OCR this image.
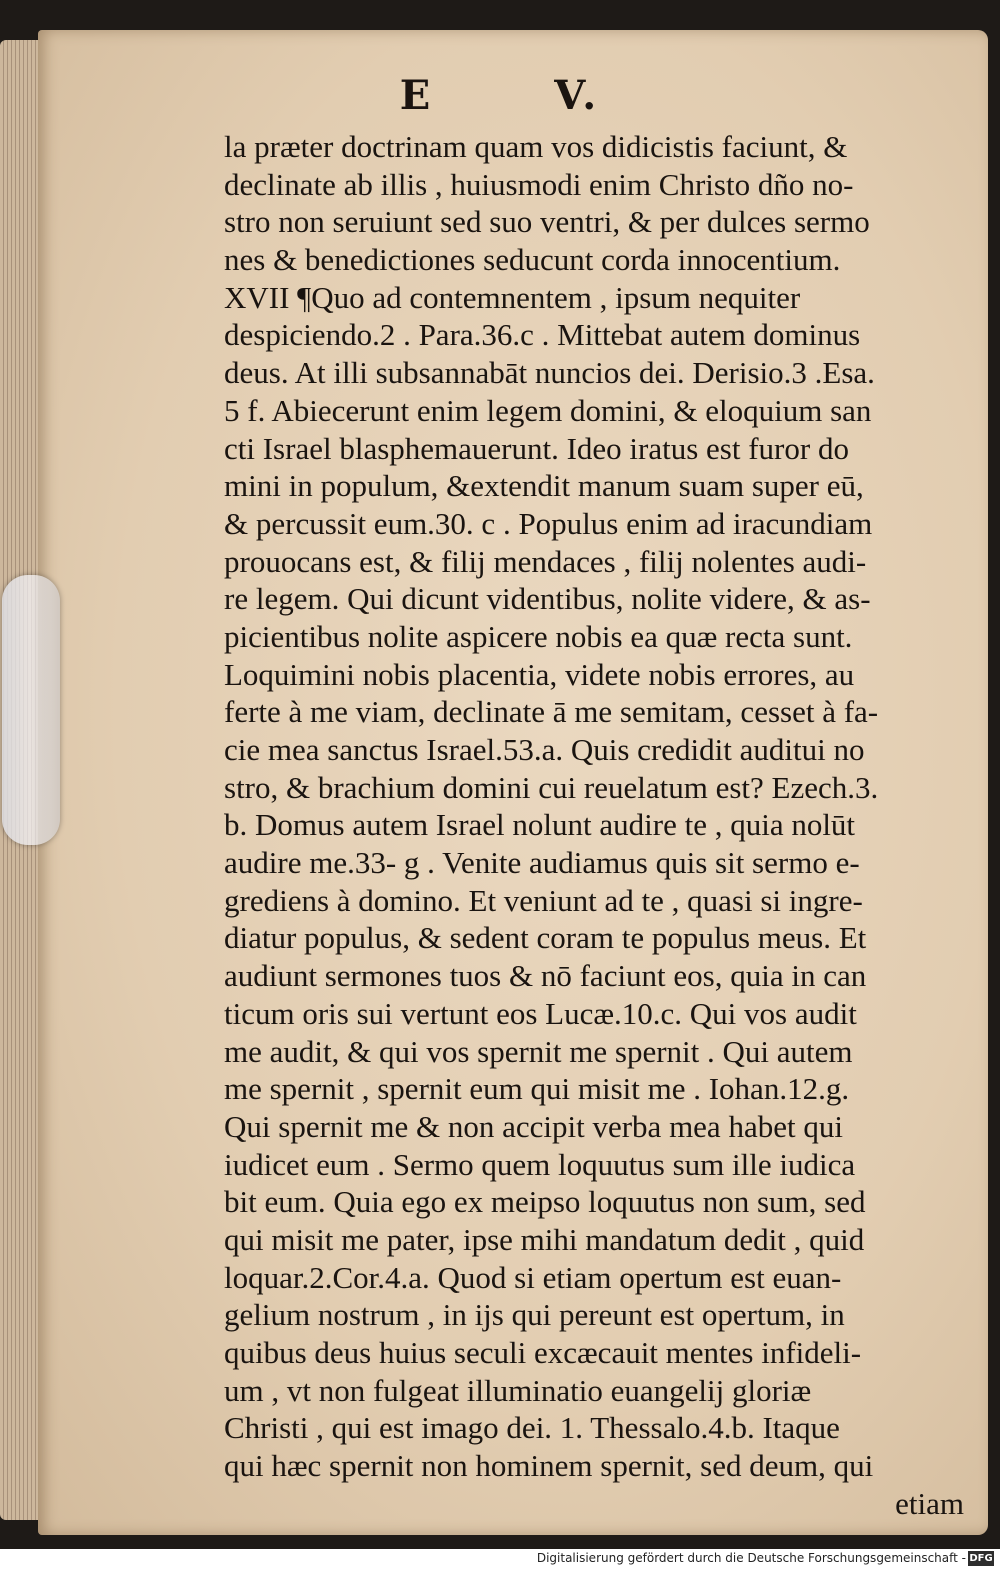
E	V.
la præter doctrinam quam vos didicistis faciunt, &
declinate ab illis , huiusmodi enim Christo dño no-
stro non seruiunt sed suo ventri, & per dulces sermo
nes & benedictiones seducunt corda innocentium.
XVII ¶Quo ad contemnentem , ipsum nequiter
despiciendo.2 . Para.36.c . Mittebat autem dominus
deus. At illi subsannabāt nuncios dei. Derisio.3 .Esa.
5 f. Abiecerunt enim legem domini, & eloquium san
cti Israel blasphemauerunt. Ideo iratus est furor do
mini in populum, &extendit manum suam super eū,
& percussit eum.30. c . Populus enim ad iracundiam
prouocans est, & filij mendaces , filij nolentes audi-
re legem. Qui dicunt videntibus, nolite videre, & as-
picientibus nolite aspicere nobis ea quæ recta sunt.
Loquimini nobis placentia, videte nobis errores, au
ferte à me viam, declinate ā me semitam, cesset à fa-
cie mea sanctus Israel.53.a. Quis credidit auditui no
stro, & brachium domini cui reuelatum est? Ezech.3.
b. Domus autem Israel nolunt audire te , quia nolūt
audire me.33- g . Venite audiamus quis sit sermo e-
grediens à domino. Et veniunt ad te , quasi si ingre-
diatur populus, & sedent coram te populus meus. Et
audiunt sermones tuos & nō faciunt eos, quia in can
ticum oris sui vertunt eos Lucæ.10.c. Qui vos audit
me audit, & qui vos spernit me spernit . Qui autem
me spernit , spernit eum qui misit me . Iohan.12.g.
Qui spernit me & non accipit verba mea habet qui
iudicet eum . Sermo quem loquutus sum ille iudica
bit eum. Quia ego ex meipso loquutus non sum, sed
qui misit me pater, ipse mihi mandatum dedit , quid
loquar.2.Cor.4.a. Quod si etiam opertum est euan-
gelium nostrum , in ijs qui pereunt est opertum, in
quibus deus huius seculi excæcauit mentes infideli-
um , vt non fulgeat illuminatio euangelij gloriæ
Christi , qui est imago dei. 1. Thessalo.4.b. Itaque
qui hæc spernit non hominem spernit, sed deum, qui
etiam
Digitalisierung gefördert durch die Deutsche Forschungsgemeinschaft - DFG
